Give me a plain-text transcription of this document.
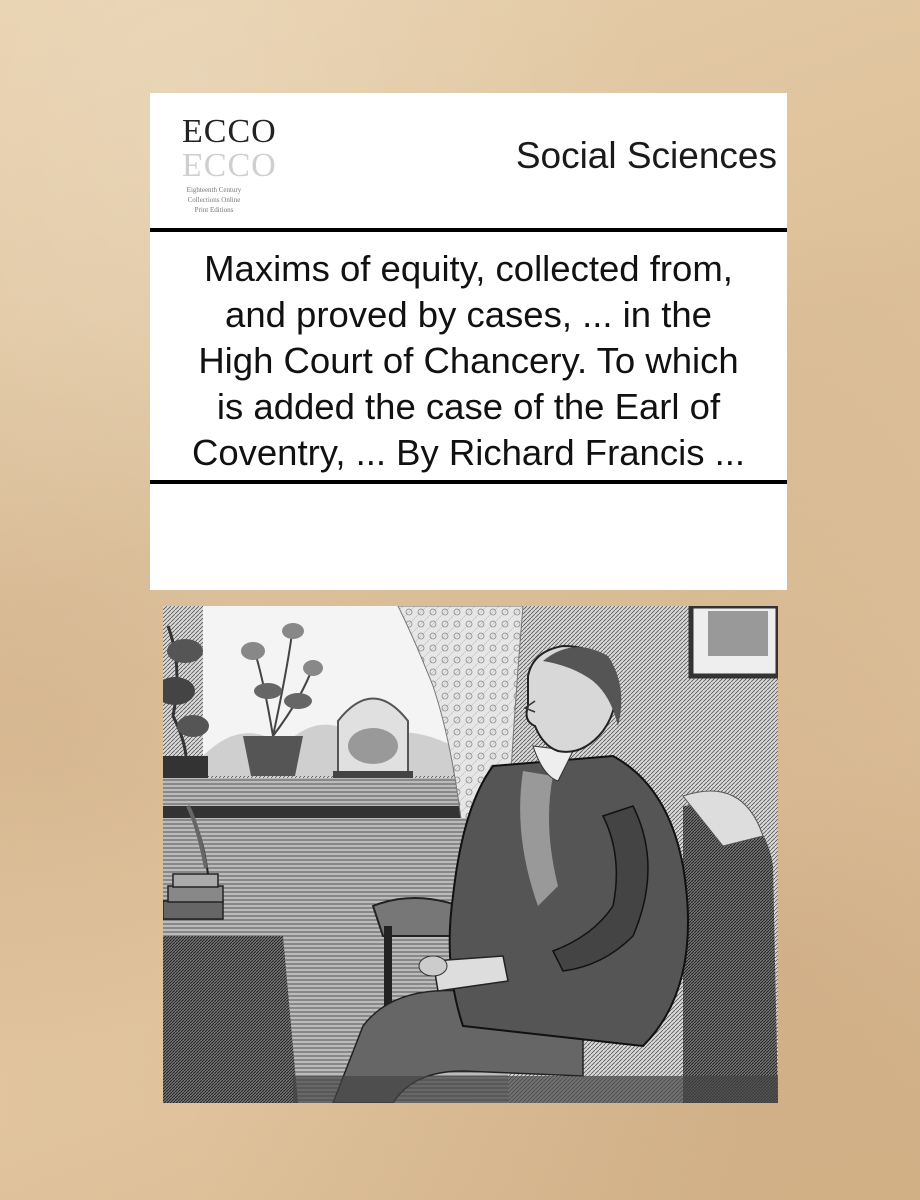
ECCO
ECCO
Eighteenth Century
Collections Online
Print Editions
Social Sciences
Maxims of equity, collected from,
and proved by cases, ... in the
High Court of Chancery. To which
is added the case of the Earl of
Coventry, ... By Richard Francis ...
